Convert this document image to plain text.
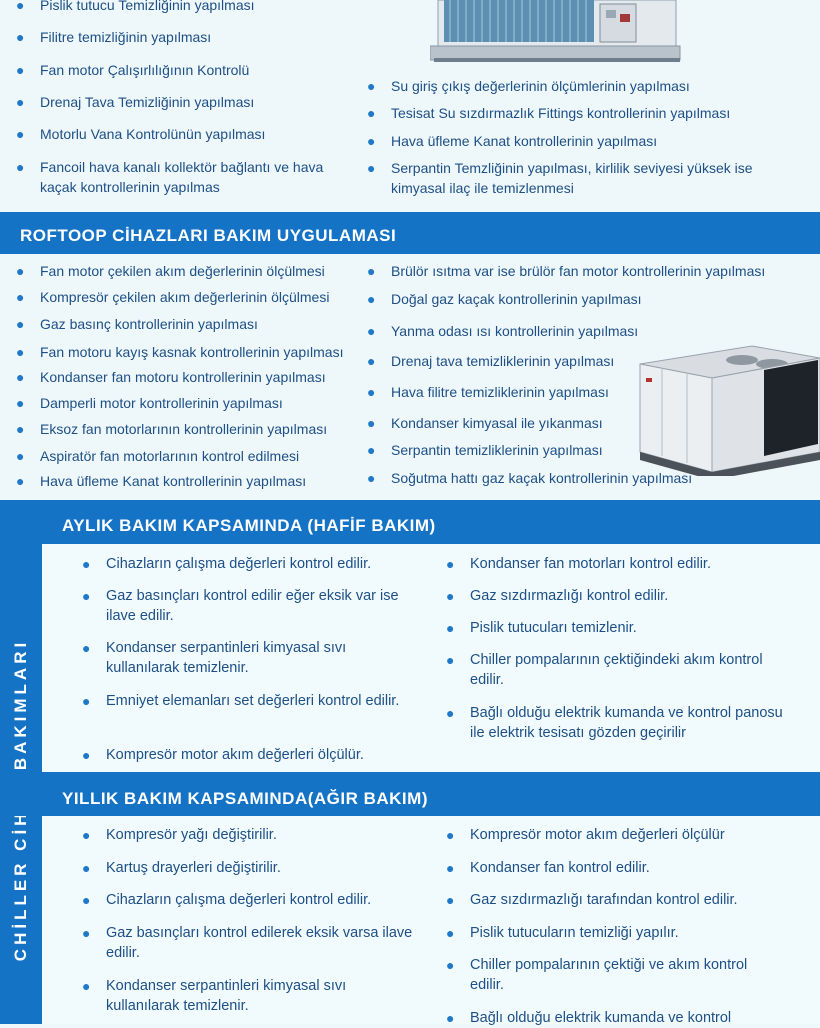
● Pislik tutucu Temizliğinin yapılması
● Filitre temizliğinin yapılması
● Fan motor Çalışırlılığının Kontrolü
● Drenaj Tava Temizliğinin yapılması
● Motorlu Vana Kontrolünün yapılması
● Fancoil hava kanalı kollektör bağlantı ve hava kaçak kontrollerinin yapılmas
● Su giriş çıkış değerlerinin ölçümlerinin yapılması
● Tesisat Su sızdırmazlık Fittings kontrollerinin yapılması
● Hava üfleme Kanat kontrollerinin yapılması
● Serpantin Temzliğinin yapılması, kirlilik seviyesi yüksek ise kimyasal ilaç ile temizlenmesi
ROFTOOP CİHAZLARI BAKIM UYGULAMASI
● Fan motor çekilen akım değerlerinin ölçülmesi
● Kompresör çekilen akım değerlerinin ölçülmesi
● Gaz basınç kontrollerinin yapılması
● Fan motoru kayış kasnak kontrollerinin yapılması
● Kondanser fan motoru kontrollerinin yapılması
● Damperli motor kontrollerinin yapılması
● Eksoz fan motorlarının kontrollerinin yapılması
● Aspiratör fan motorlarının kontrol edilmesi
● Hava üfleme Kanat kontrollerinin yapılması
● Brülör ısıtma var ise brülör fan motor kontrollerinin yapılması
● Doğal gaz kaçak kontrollerinin yapılması
● Yanma odası ısı kontrollerinin yapılması
● Drenaj tava temizliklerinin yapılması
● Hava filitre temizliklerinin yapılması
● Kondanser kimyasal ile yıkanması
● Serpantin temizliklerinin yapılması
● Soğutma hattı gaz kaçak kontrollerinin yapılması
AYLIK BAKIM KAPSAMINDA (HAFİF BAKIM)
● Cihazların çalışma değerleri kontrol edilir.
● Gaz basınçları kontrol edilir eğer eksik var ise ilave edilir.
● Kondanser serpantinleri kimyasal sıvı kullanılarak temizlenir.
● Emniyet elemanları set değerleri kontrol edilir.
● Kompresör motor akım değerleri ölçülür.
● Kondanser fan motorları kontrol edilir.
● Gaz sızdırmazlığı kontrol edilir.
● Pislik tutucuları temizlenir.
● Chiller pompalarının çektiğindeki akım kontrol edilir.
● Bağlı olduğu elektrik kumanda ve kontrol panosu ile elektrik tesisatı gözden geçirilir
YILLIK BAKIM KAPSAMINDA(AĞIR BAKIM)
● Kompresör yağı değiştirilir.
● Kartuş drayerleri değiştirilir.
● Cihazların çalışma değerleri kontrol edilir.
● Gaz basınçları kontrol edilerek eksik varsa ilave edilir.
● Kondanser serpantinleri kimyasal sıvı kullanılarak temizlenir.
● Kompresör motor akım değerleri ölçülür
● Kondanser fan kontrol edilir.
● Gaz sızdırmazlığı tarafından kontrol edilir.
● Pislik tutucuların temizliği yapılır.
● Chiller pompalarının çektiği ve akım kontrol edilir.
● Bağlı olduğu elektrik kumanda ve kontrol
